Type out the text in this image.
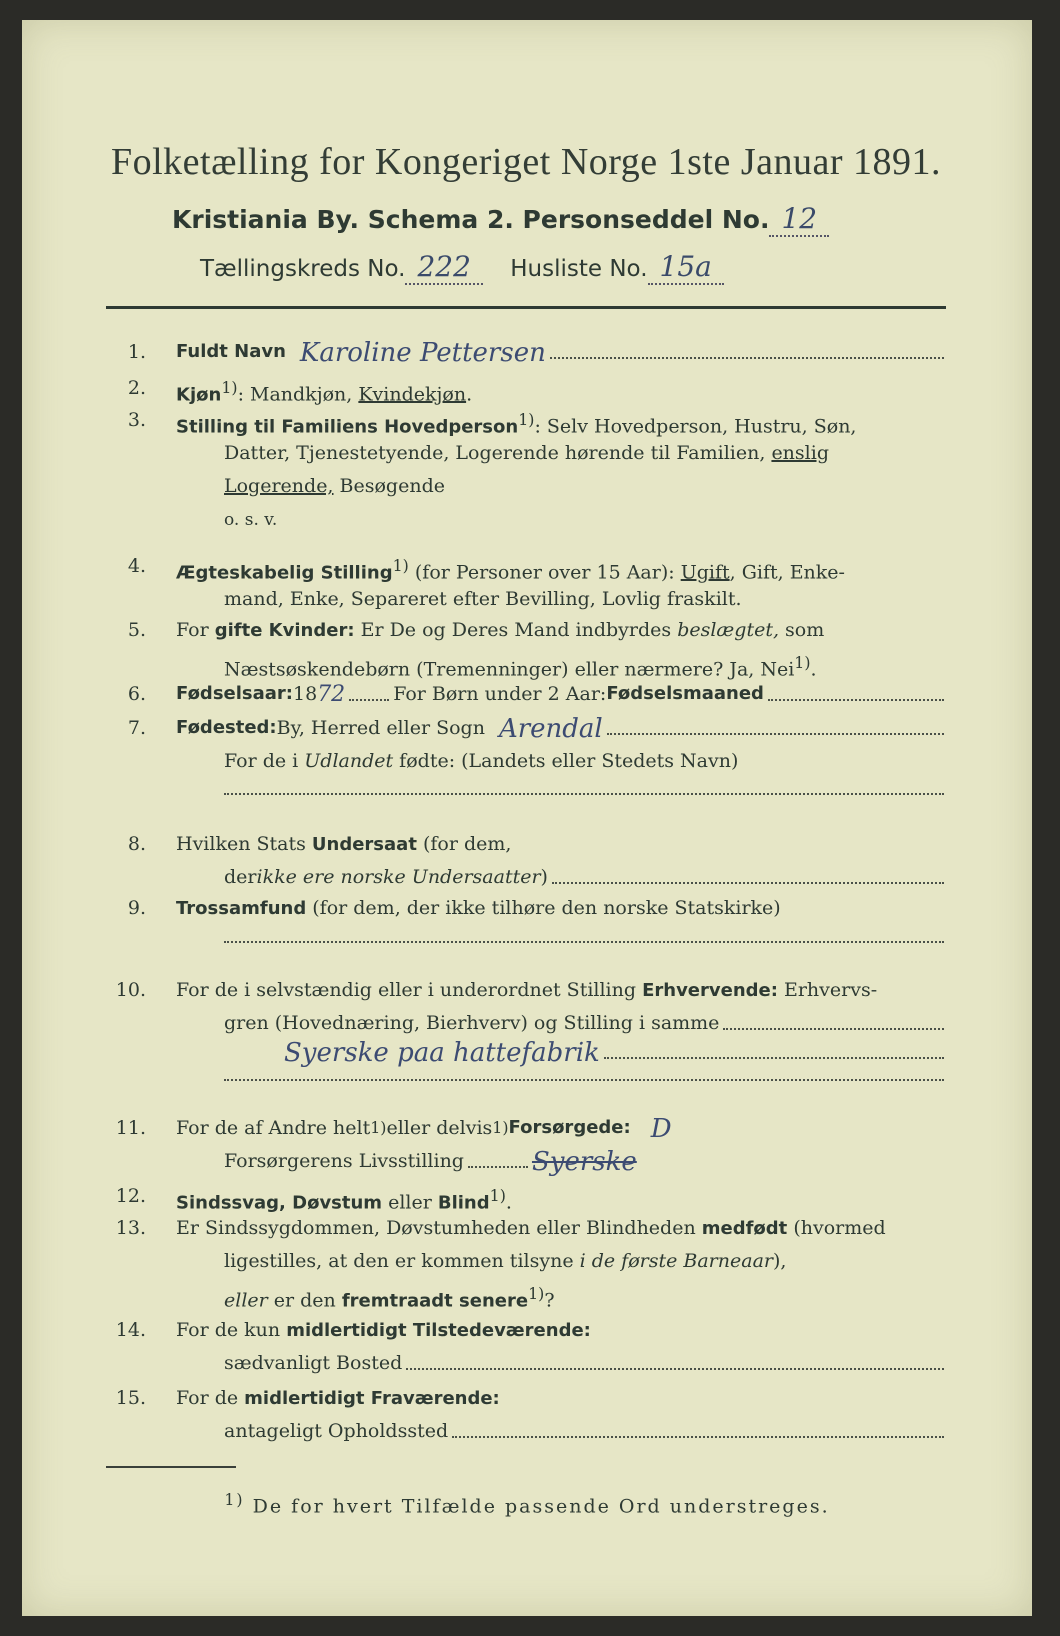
Folketælling for Kongeriget Norge 1ste Januar 1891.
Kristiania By. Schema 2. Personseddel No. 12
Tællingskreds No. 222 Husliste No. 15a
1. Fuldt Navn Karoline Pettersen
2. Kjøn$^{1)}$: Mandkjøn, Kvindekjøn.
3. Stilling til Familiens Hovedperson$^{1)}$: Selv Hovedperson, Hustru, Søn,
Datter, Tjenestetyende, Logerende hørende til Familien, enslig
Logerende, Besøgende
o. s. v.
4. Ægteskabelig Stilling$^{1)}$ (for Personer over 15 Aar): Ugift, Gift, Enke-
mand, Enke, Separeret efter Bevilling, Lovlig fraskilt.
5. For gifte Kvinder: Er De og Deres Mand indbyrdes beslægtet, som
Næstsøskendebørn (Tremenninger) eller nærmere? Ja, Nei$^{1)}$.
6. Fødselsaar: 18 72	For Børn under 2 Aar: Fødselsmaaned
7. Fødested: By, Herred eller Sogn Arendal
For de i Udlandet fødte: (Landets eller Stedets Navn)
8. Hvilken Stats Undersaat (for dem,
der ikke ere norske Undersaatter )
9. Trossamfund (for dem, der ikke tilhøre den norske Statskirke)
10. For de i selvstændig eller i underordnet Stilling Erhvervende: Erhvervs-
gren (Hovednæring, Bierhverv) og Stilling i samme
Syerske paa hattefabrik
11. For de af Andre helt 1) eller delvis 1) Forsørgede: D
Forsørgerens Livsstilling	Syerske
12. Sindssvag, Døvstum eller Blind$^{1)}$.
13. Er Sindssygdommen, Døvstumheden eller Blindheden medfødt (hvormed
ligestilles, at den er kommen tilsyne i de første Barneaar),
eller er den fremtraadt senere$^{1)}$?
14. For de kun midlertidigt Tilstedeværende:
sædvanligt Bosted
15. For de midlertidigt Fraværende:
antageligt Opholdssted
$^{1)}$ De for hvert Tilfælde passende Ord understreges.
